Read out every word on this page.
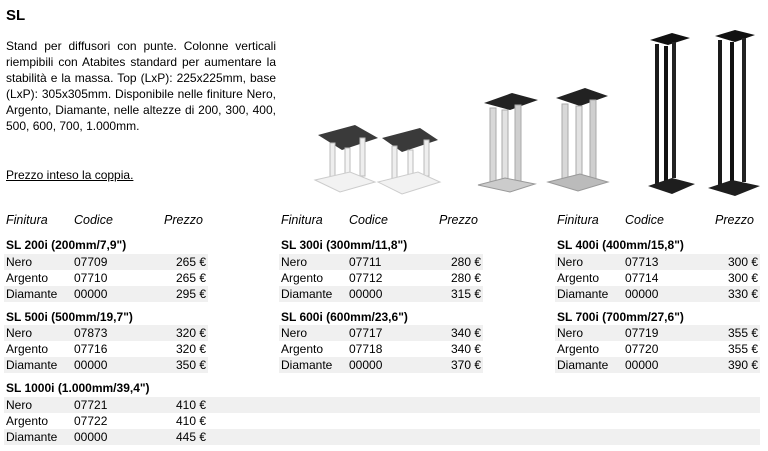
SL
Stand per diffusori con punte. Colonne verticali riempibili con Atabites standard per aumentare la stabilità e la massa. Top (LxP): 225x225mm, base (LxP): 305x305mm. Disponibile nelle finiture Nero, Argento, Diamante, nelle altezze di 200, 300, 400, 500, 600, 700, 1.000mm.
Prezzo inteso la coppia.
Finitura Codice	Prezzo	Finitura Codice	Prezzo	Finitura Codice	Prezzo
SL 200i (200mm/7,9")
Nero	07709	265 €
Argento 07710	265 €
Diamante 00000	295 €
SL 300i (300mm/11,8")
Nero	07711	280 €
Argento 07712	280 €
Diamante 00000	315 €
SL 400i (400mm/15,8")
Nero	07713	300 €
Argento 07714	300 €
Diamante 00000	330 €
SL 500i (500mm/19,7")
Nero	07873	320 €
Argento 07716	320 €
Diamante 00000	350 €
SL 600i (600mm/23,6")
Nero	07717	340 €
Argento 07718	340 €
Diamante 00000	370 €
SL 700i (700mm/27,6")
Nero	07719	355 €
Argento 07720	355 €
Diamante 00000	390 €
SL 1000i (1.000mm/39,4")
Nero	07721	410 €
Argento 07722	410 €
Diamante 00000	445 €
